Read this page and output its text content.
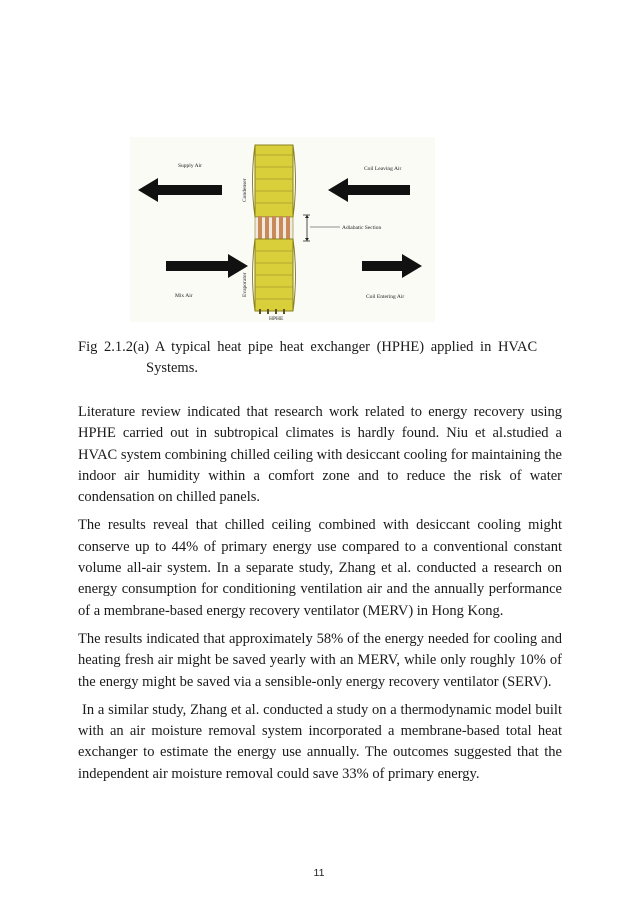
Supply Air	Coil Leaving Air
Adiabatic Section
Mix Air	Coil Entering Air
Condenser
Evaporator
HPHE
Fig 2.1.2(a) A typical heat pipe heat exchanger (HPHE) applied in HVAC
Systems.

Literature review indicated that research work related to energy recovery using HPHE carried out in subtropical climates is hardly found. Niu et al.studied a HVAC system combining chilled ceiling with desiccant cooling for maintaining the indoor air humidity within a comfort zone and to reduce the risk of water condensation on chilled panels.

The results reveal that chilled ceiling combined with desiccant cooling might conserve up to 44% of primary energy use compared to a conventional constant volume all-air system. In a separate study, Zhang et al. conducted a research on energy consumption for conditioning ventilation air and the annually performance of a membrane-based energy recovery ventilator (MERV) in Hong Kong.

The results indicated that approximately 58% of the energy needed for cooling and heating fresh air might be saved yearly with an MERV, while only roughly 10% of the energy might be saved via a sensible-only energy recovery ventilator (SERV).

In a similar study, Zhang et al. conducted a study on a thermodynamic model built with an air moisture removal system incorporated a membrane-based total heat exchanger to estimate the energy use annually. The outcomes suggested that the independent air moisture removal could save 33% of primary energy.

11
